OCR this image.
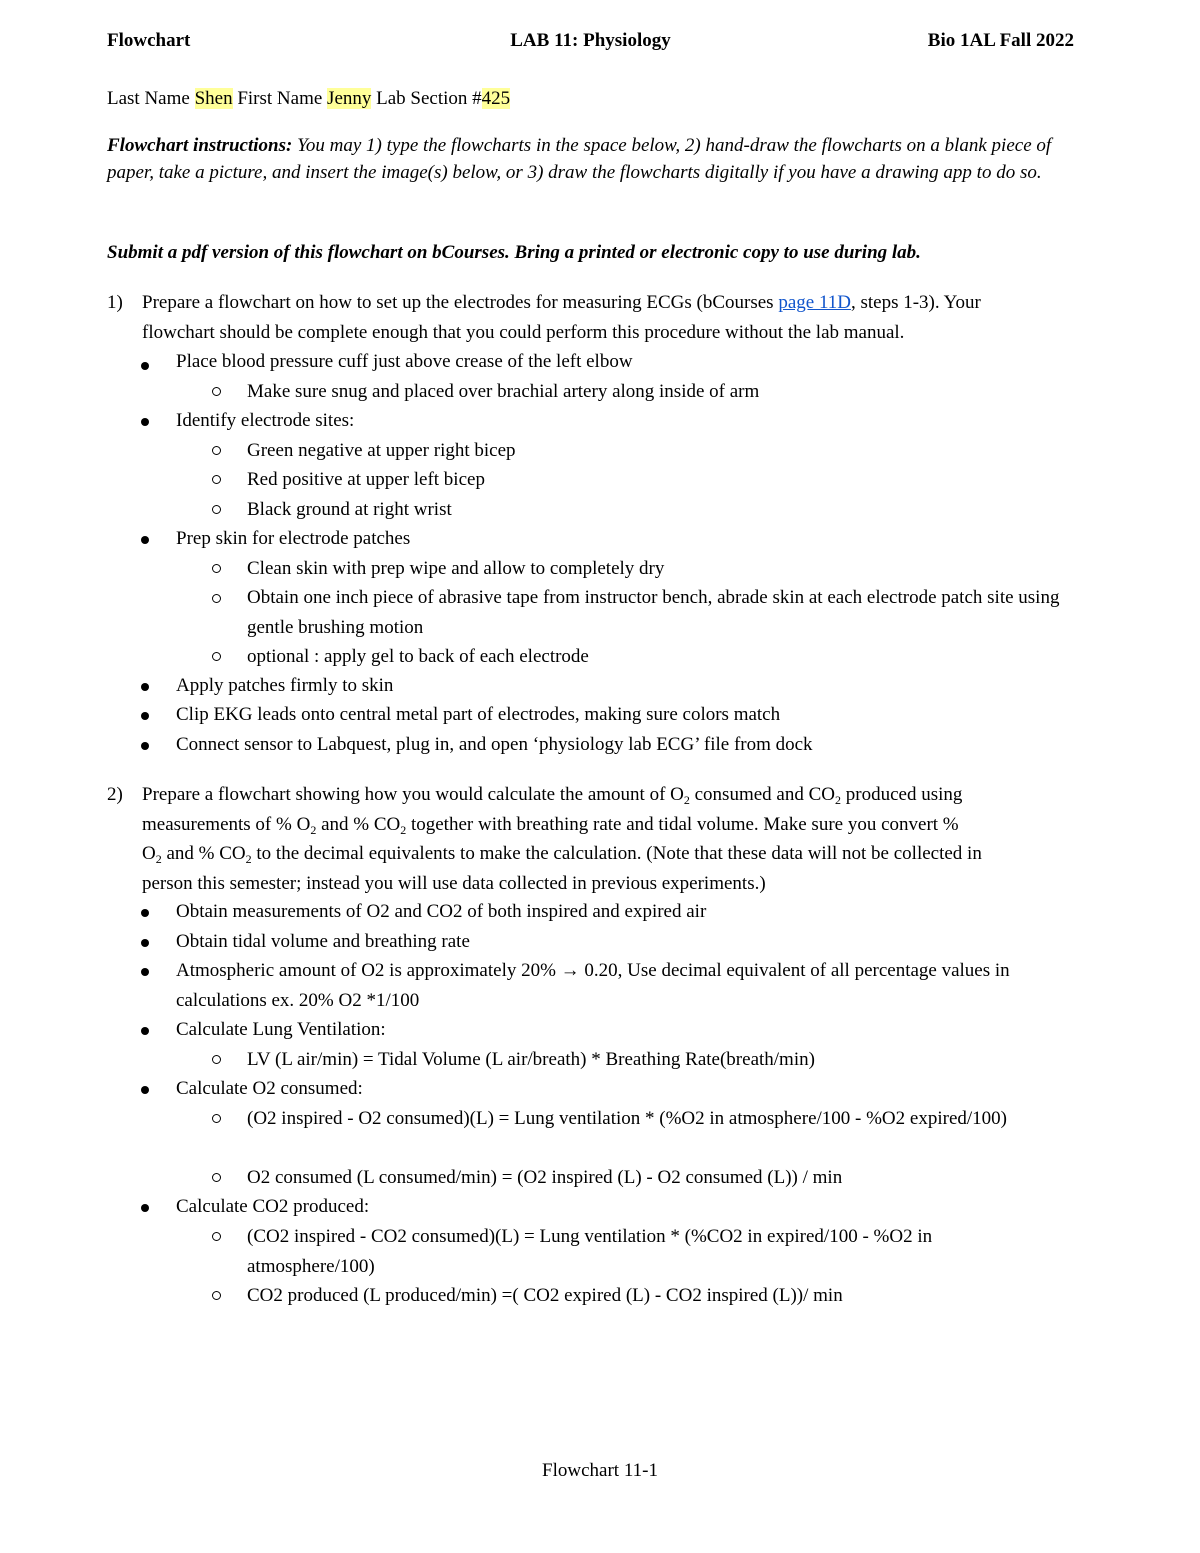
Flowchart	LAB 11: Physiology	Bio 1AL Fall 2022
Last Name Shen First Name Jenny Lab Section #425
Flowchart instructions: You may 1) type the flowcharts in the space below, 2) hand-draw the flowcharts on a blank piece of paper, take a picture, and insert the image(s) below, or 3) draw the flowcharts digitally if you have a drawing app to do so.
Submit a pdf version of this flowchart on bCourses. Bring a printed or electronic copy to use during lab.
1) Prepare a flowchart on how to set up the electrodes for measuring ECGs (bCourses page 11D, steps 1-3). Your
flowchart should be complete enough that you could perform this procedure without the lab manual.
Place blood pressure cuff just above crease of the left elbow
Make sure snug and placed over brachial artery along inside of arm
Identify electrode sites:
Green negative at upper right bicep
Red positive at upper left bicep
Black ground at right wrist
Prep skin for electrode patches
Clean skin with prep wipe and allow to completely dry
Obtain one inch piece of abrasive tape from instructor bench, abrade skin at each electrode patch site using gentle brushing motion
optional : apply gel to back of each electrode
Apply patches firmly to skin
Clip EKG leads onto central metal part of electrodes, making sure colors match
Connect sensor to Labquest, plug in, and open ‘physiology lab ECG’ file from dock
2) Prepare a flowchart showing how you would calculate the amount of $O_2$ consumed and $CO_2$ produced using
measurements of % $O_2$ and % $CO_2$ together with breathing rate and tidal volume. Make sure you convert %
$O_2$ and % $CO_2$ to the decimal equivalents to make the calculation. (Note that these data will not be collected in
person this semester; instead you will use data collected in previous experiments.)
Obtain measurements of O2 and CO2 of both inspired and expired air
Obtain tidal volume and breathing rate
Atmospheric amount of O2 is approximately 20% → 0.20, Use decimal equivalent of all percentage values in calculations ex. 20% O2 *1/100
Calculate Lung Ventilation:
LV (L air/min) = Tidal Volume (L air/breath) * Breathing Rate(breath/min)
Calculate O2 consumed:
(O2 inspired - O2 consumed)(L) = Lung ventilation * (%O2 in atmosphere/100 - %O2 expired/100)
O2 consumed (L consumed/min) = (O2 inspired (L) - O2 consumed (L)) / min
Calculate CO2 produced:
(CO2 inspired - CO2 consumed)(L) = Lung ventilation * (%CO2 in expired/100 - %O2 in atmosphere/100)
CO2 produced (L produced/min) =( CO2 expired (L) - CO2 inspired (L))/ min
Flowchart 11-1
